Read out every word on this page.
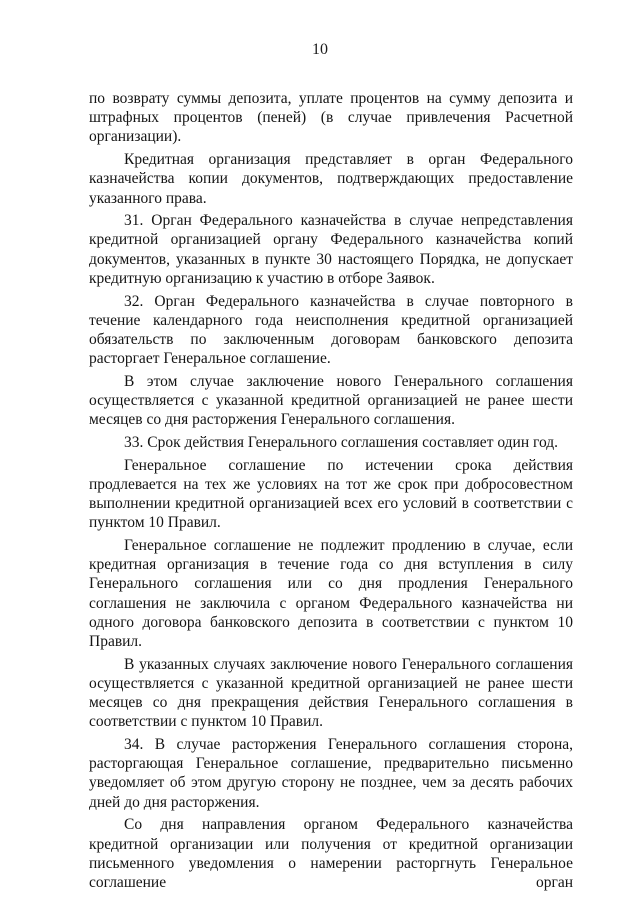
10

по возврату суммы депозита, уплате процентов на сумму депозита и штрафных процентов (пеней) (в случае привлечения Расчетной организации).

Кредитная организация представляет в орган Федерального казначейства копии документов, подтверждающих предоставление указанного права.

31. Орган Федерального казначейства в случае непредставления кредитной организацией органу Федерального казначейства копий документов, указанных в пункте 30 настоящего Порядка, не допускает кредитную организацию к участию в отборе Заявок.

32. Орган Федерального казначейства в случае повторного в течение календарного года неисполнения кредитной организацией обязательств по заключенным договорам банковского депозита расторгает Генеральное соглашение.

В этом случае заключение нового Генерального соглашения осуществляется с указанной кредитной организацией не ранее шести месяцев со дня расторжения Генерального соглашения.

33. Срок действия Генерального соглашения составляет один год.

Генеральное соглашение по истечении срока действия продлевается на тех же условиях на тот же срок при добросовестном выполнении кредитной организацией всех его условий в соответствии с пунктом 10 Правил.

Генеральное соглашение не подлежит продлению в случае, если кредитная организация в течение года со дня вступления в силу Генерального соглашения или со дня продления Генерального соглашения не заключила с органом Федерального казначейства ни одного договора банковского депозита в соответствии с пунктом 10 Правил.

В указанных случаях заключение нового Генерального соглашения осуществляется с указанной кредитной организацией не ранее шести месяцев со дня прекращения действия Генерального соглашения в соответствии с пунктом 10 Правил.

34. В случае расторжения Генерального соглашения сторона, расторгающая Генеральное соглашение, предварительно письменно уведомляет об этом другую сторону не позднее, чем за десять рабочих дней до дня расторжения.

Со дня направления органом Федерального казначейства кредитной организации или получения от кредитной организации письменного уведомления о намерении расторгнуть Генеральное соглашение орган
